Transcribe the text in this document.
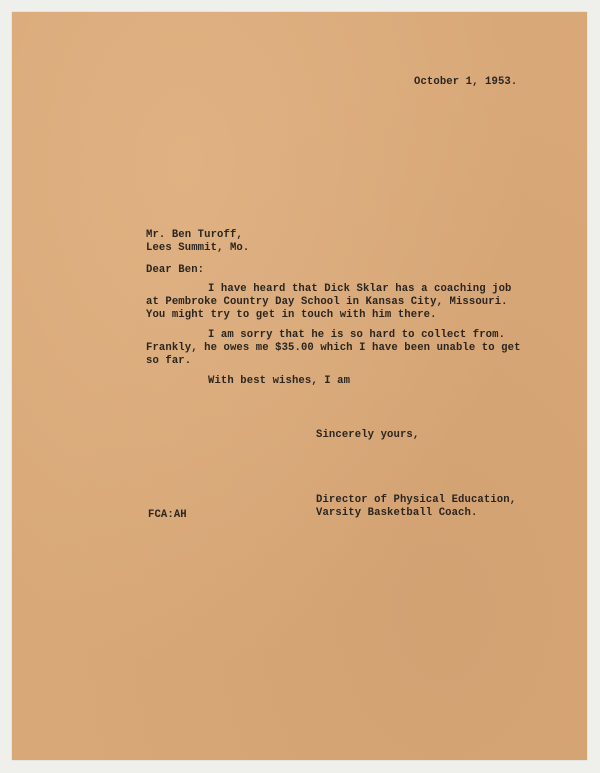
October 1, 1953.
Mr. Ben Turoff,
Lees Summit, Mo.
Dear Ben:
I have heard that Dick Sklar has a coaching job
at Pembroke Country Day School in Kansas City, Missouri.
You might try to get in touch with him there.
I am sorry that he is so hard to collect from.
Frankly, he owes me $35.00 which I have been unable to get
so far.
With best wishes, I am
Sincerely yours,
Director of Physical Education,
Varsity Basketball Coach.
FCA:AH
